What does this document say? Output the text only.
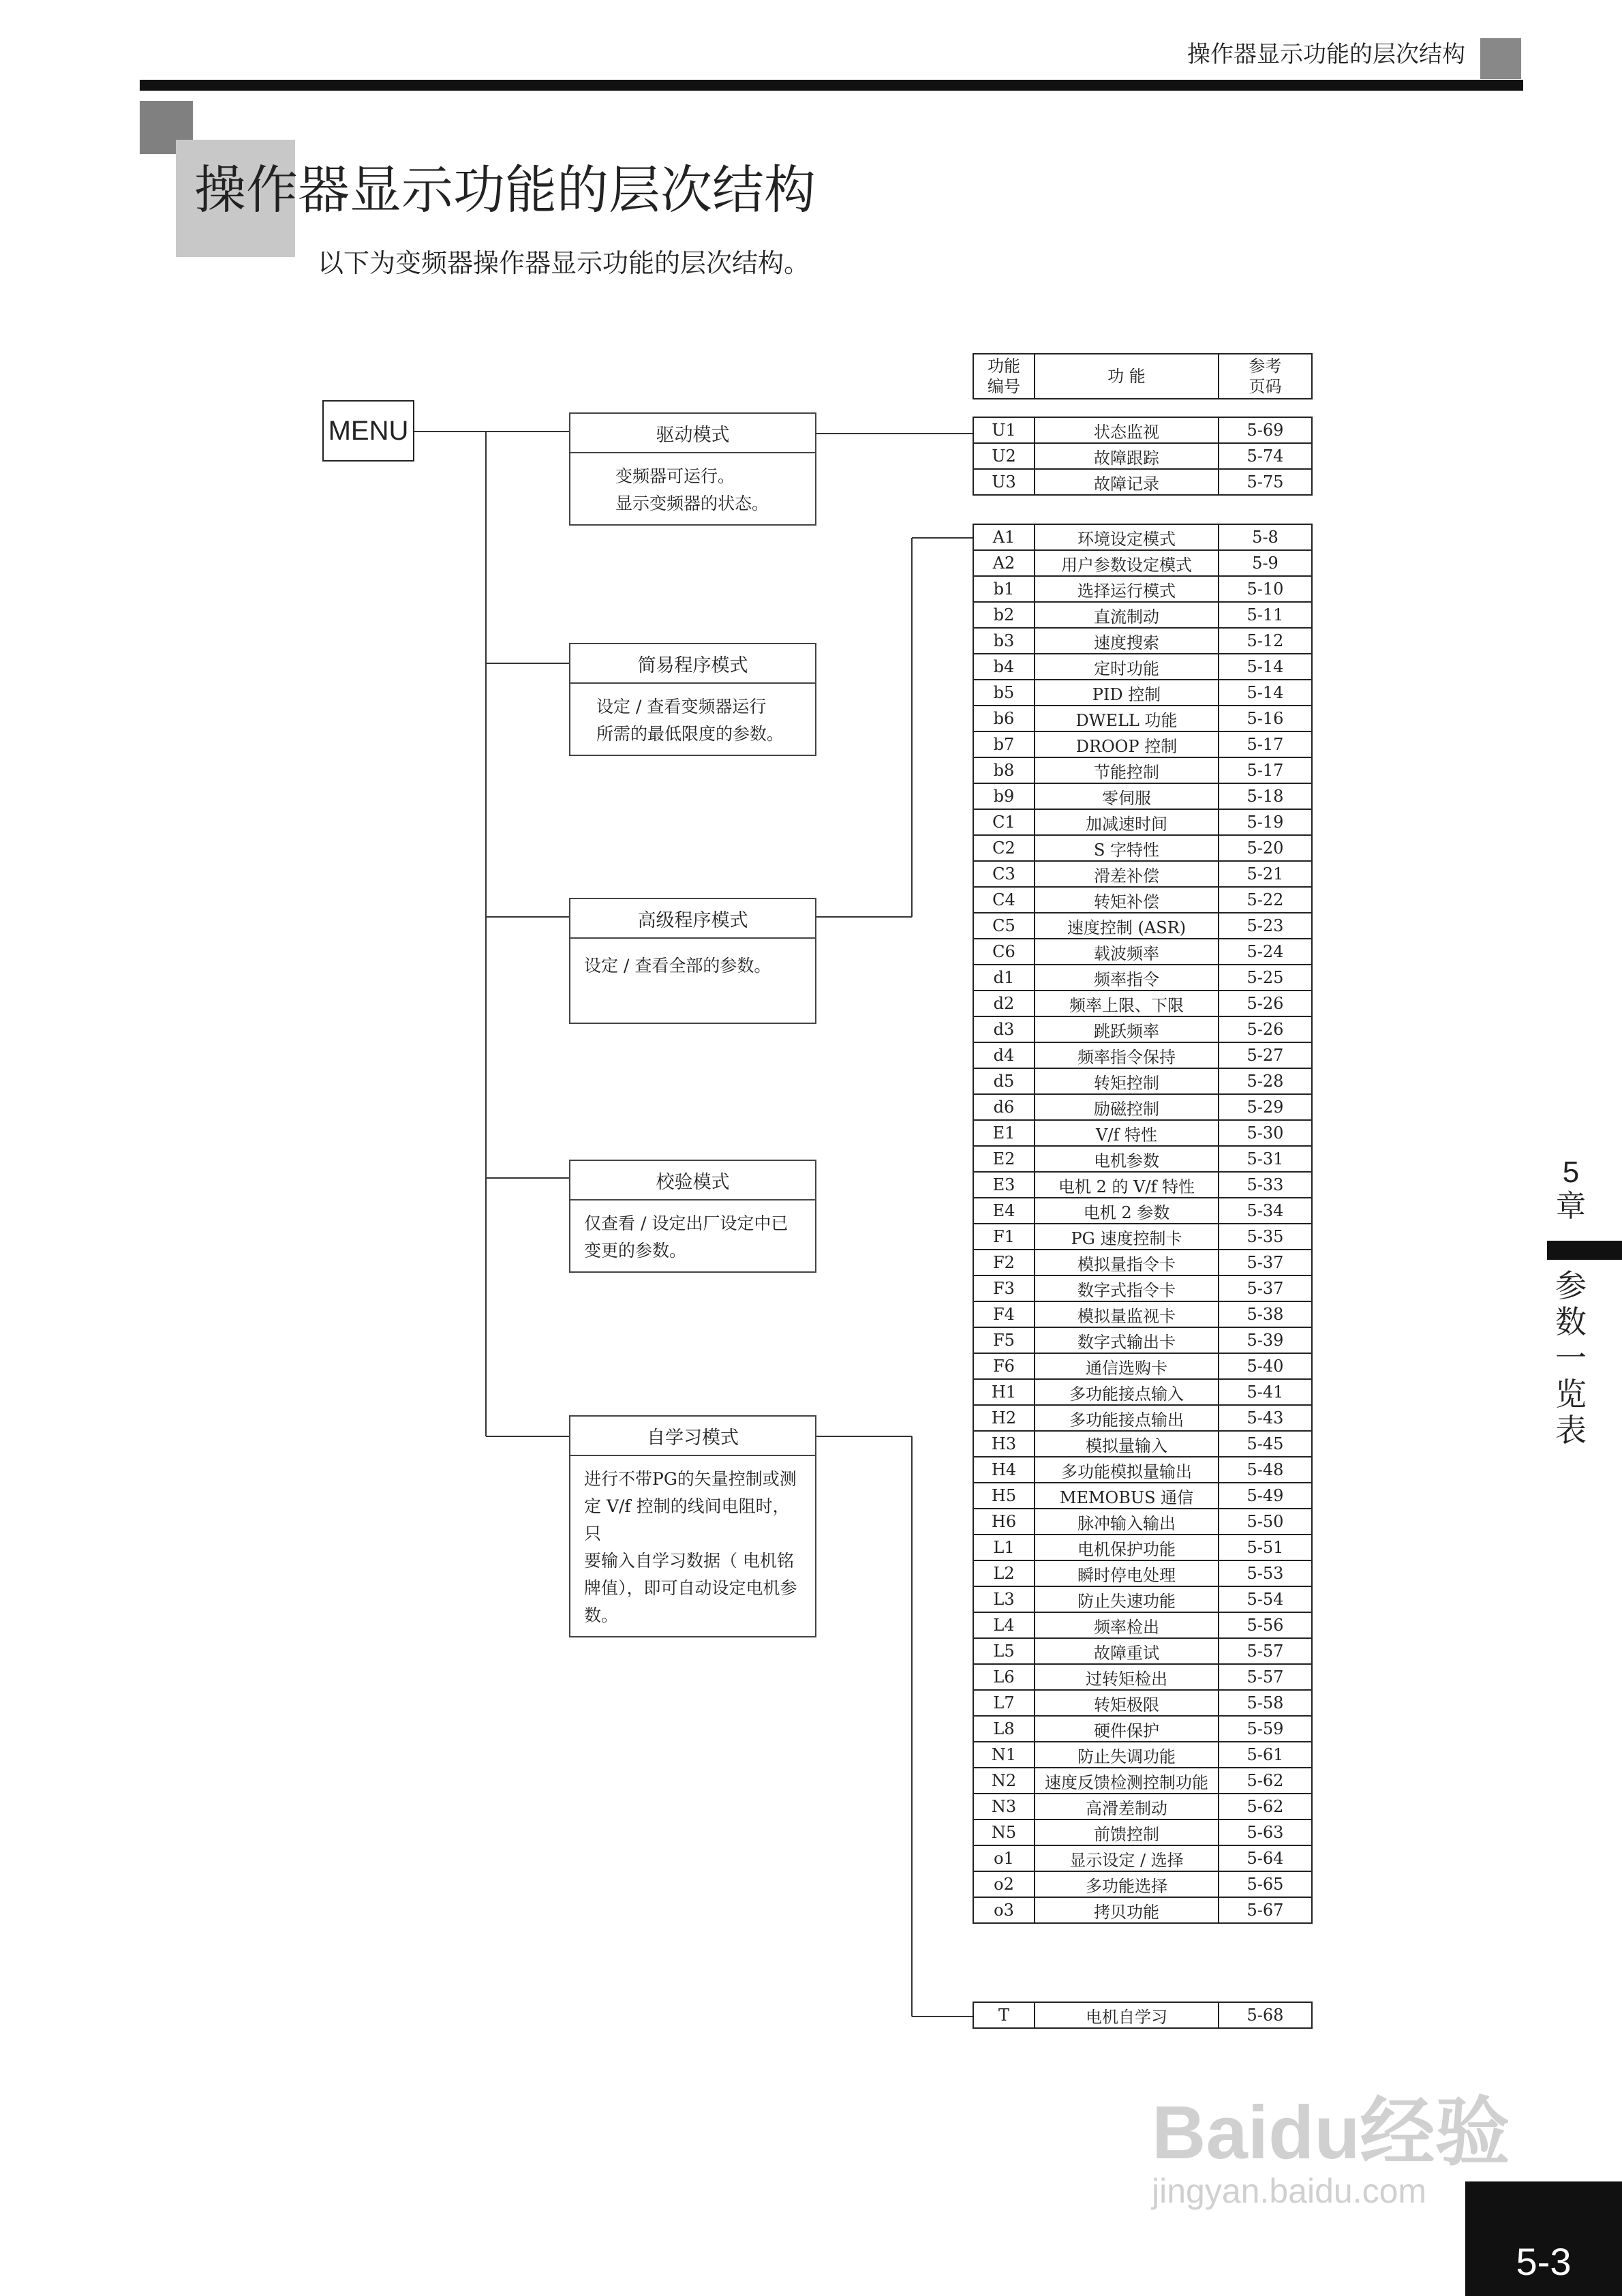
操作器显示功能的层次结构
操作器显示功能的层次结构
以下为变频器操作器显示功能的层次结构。
MENU	驱动模式
变频器可运行。
显示变频器的状态。
简易程序模式
设定 / 查看变频器运行
所需的最低限度的参数。
高级程序模式
设定 / 查看全部的参数。
校验模式
仅查看 / 设定出厂设定中已
变更的参数。
自学习模式
进行不带PG的矢量控制或测
定 V/f 控制的线间电阻时，只
要输入自学习数据（ 电机铭
牌值），即可自动设定电机参
数。
功能
编号	功 能	参考
页码
U1	状态监视	5-69
U2	故障跟踪	5-74
U3	故障记录	5-75
A1	环境设定模式	5-8
A2	用户参数设定模式	5-9
b1	选择运行模式	5-10
b2	直流制动	5-11
b3	速度搜索	5-12
b4	定时功能	5-14
b5	PID 控制	5-14
b6	DWELL 功能	5-16
b7	DROOP 控制	5-17
b8	节能控制	5-17
b9	零伺服	5-18
C1	加减速时间	5-19
C2	S 字特性	5-20
C3	滑差补偿	5-21
C4	转矩补偿	5-22
C5	速度控制 (ASR)	5-23
C6	载波频率	5-24
d1	频率指令	5-25
d2	频率上限、下限	5-26
d3	跳跃频率	5-26
d4	频率指令保持	5-27
d5	转矩控制	5-28
d6	励磁控制	5-29
E1	V/f 特性	5-30
E2	电机参数	5-31
E3	电机 2 的 V/f 特性	5-33
E4	电机 2 参数	5-34
F1	PG 速度控制卡	5-35
F2	模拟量指令卡	5-37
F3	数字式指令卡	5-37
F4	模拟量监视卡	5-38
F5	数字式输出卡	5-39
F6	通信选购卡	5-40
H1	多功能接点输入	5-41
H2	多功能接点输出	5-43
H3	模拟量输入	5-45
H4	多功能模拟量输出	5-48
H5	MEMOBUS 通信	5-49
H6	脉冲输入输出	5-50
L1	电机保护功能	5-51
L2	瞬时停电处理	5-53
L3	防止失速功能	5-54
L4	频率检出	5-56
L5	故障重试	5-57
L6	过转矩检出	5-57
L7	转矩极限	5-58
L8	硬件保护	5-59
N1	防止失调功能	5-61
N2	速度反馈检测控制功能	5-62
N3	高滑差制动	5-62
N5	前馈控制	5-63
o1	显示设定 / 选择	5-64
o2	多功能选择	5-65
o3	拷贝功能	5-67
T	电机自学习	5-68
5
章
参
数
一
览
表
Baidu经验
jingyan.baidu.com
5-3
